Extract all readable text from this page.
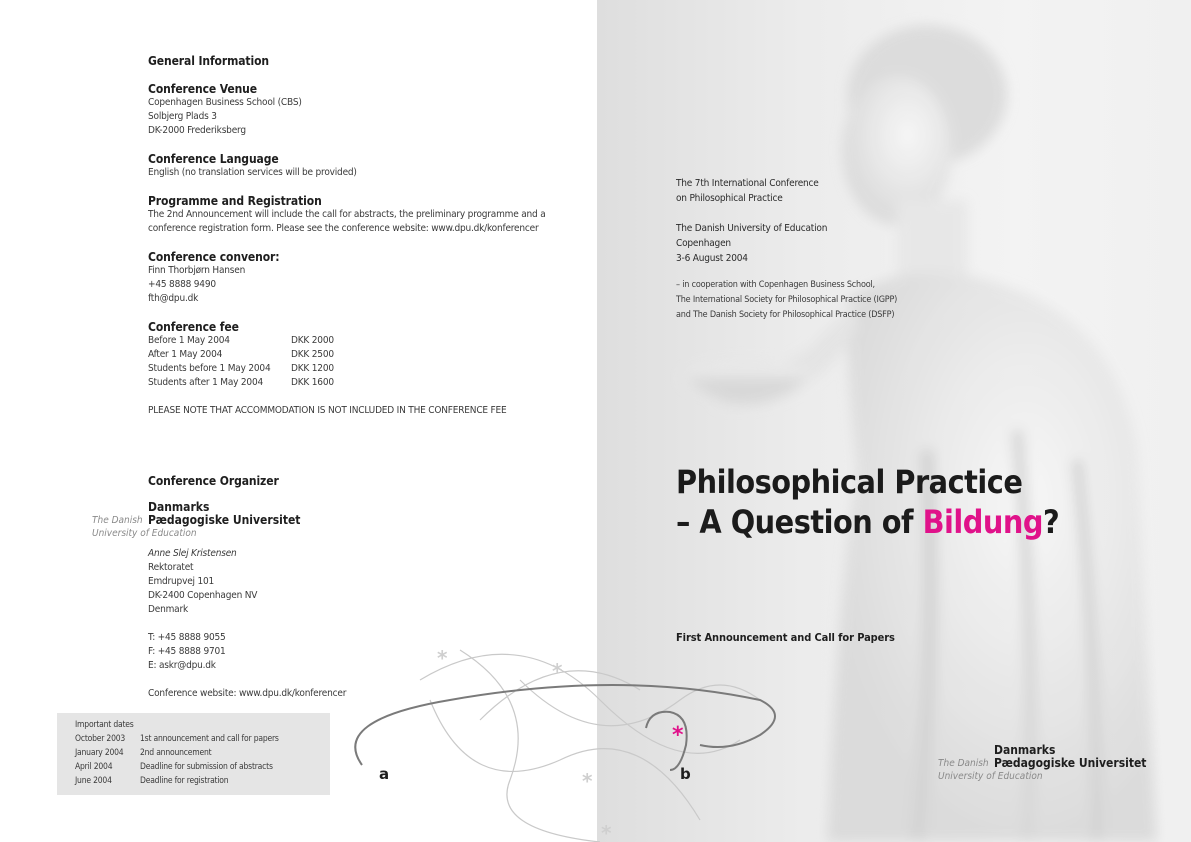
General Information

Conference Venue

Copenhagen Business School (CBS)

Solbjerg Plads 3

DK-2000 Frederiksberg

Conference Language

English (no translation services will be provided)

Programme and Registration

The 2nd Announcement will include the call for abstracts, the preliminary programme and a

conference registration form. Please see the conference website: www.dpu.dk/konferencer

Conference convenor:

Finn Thorbjørn Hansen

+45 8888 9490

fth@dpu.dk

Conference fee

Before 1 May 2004	DKK 2000
After 1 May 2004	DKK 2500
Students before 1 May 2004	DKK 1200
Students after 1 May 2004	DKK 1600

PLEASE NOTE THAT ACCOMMODATION IS NOT INCLUDED IN THE CONFERENCE FEE

Conference Organizer

Danmarks
The Danish Pædagogiske Universitet
University of Education

Anne Slej Kristensen

Rektoratet

Emdrupvej 101

DK-2400 Copenhagen NV

Denmark

T: +45 8888 9055

F: +45 8888 9701

E: askr@dpu.dk

Conference website: www.dpu.dk/konferencer

Important dates
October 2003	1st announcement and call for papers
January 2004	2nd announcement
April 2004	Deadline for submission of abstracts
June 2004	Deadline for registration

The 7th International Conference

on Philosophical Practice

The Danish University of Education

Copenhagen

3-6 August 2004

– in cooperation with Copenhagen Business School,

The International Society for Philosophical Practice (IGPP)

and The Danish Society for Philosophical Practice (DSFP)

Philosophical Practice

– A Question of Bildung?

First Announcement and Call for Papers

Danmarks
The Danish Pædagogiske Universitet
University of Education
*
*
*
*
*
a	b
